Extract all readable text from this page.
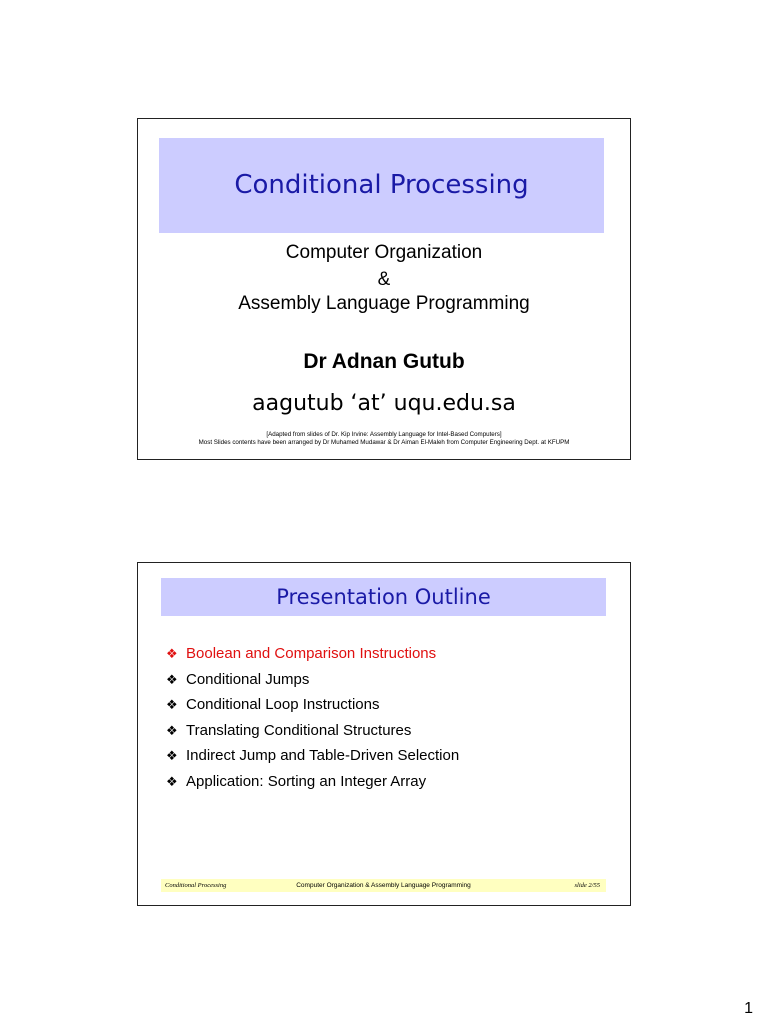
Conditional Processing
Computer Organization
&
Assembly Language Programming
Dr Adnan Gutub
aagutub ‘at’ uqu.edu.sa
[Adapted from slides of Dr. Kip Irvine: Assembly Language for Intel-Based Computers]
Most Slides contents have been arranged by Dr Muhamed Mudawar & Dr Aiman El-Maleh from Computer Engineering Dept. at KFUPM
Presentation Outline
❖ Boolean and Comparison Instructions
❖ Conditional Jumps
❖ Conditional Loop Instructions
❖ Translating Conditional Structures
❖ Indirect Jump and Table-Driven Selection
❖ Application: Sorting an Integer Array
Conditional Processing	Computer Organization & Assembly Language Programming	slide 2/55
1
